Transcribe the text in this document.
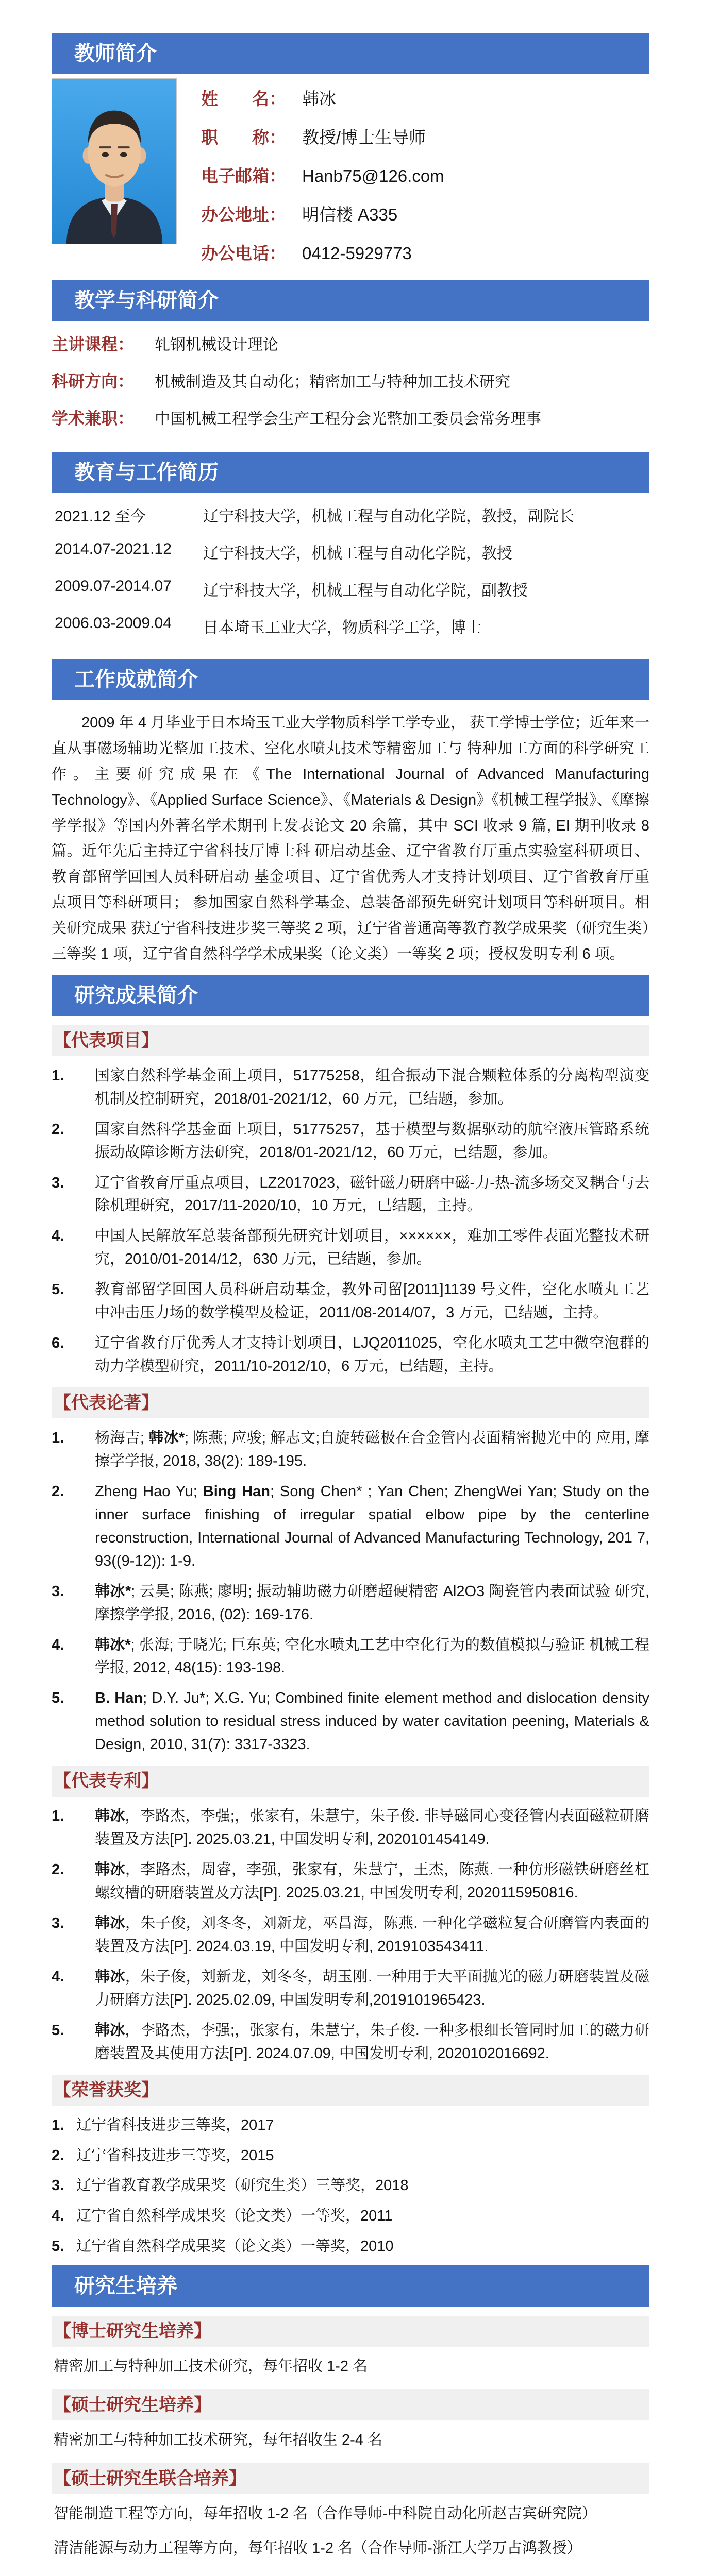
教师简介
姓　　名： 韩冰
职　　称： 教授/博士生导师
电子邮箱： Hanb75@126.com
办公地址： 明信楼 A335
办公电话： 0412-5929773
教学与科研简介
主讲课程：	轧钢机械设计理论
科研方向：	机械制造及其自动化；精密加工与特种加工技术研究
学术兼职：	中国机械工程学会生产工程分会光整加工委员会常务理事
教育与工作简历
2021.12 至今	辽宁科技大学，机械工程与自动化学院，教授，副院长
2014.07-2021.12	辽宁科技大学，机械工程与自动化学院，教授
2009.07-2014.07	辽宁科技大学，机械工程与自动化学院，副教授
2006.03-2009.04	日本埼玉工业大学，物质科学工学，博士
工作成就简介

2009 年 4 月毕业于日本埼玉工业大学物质科学工学专业， 获工学博士学位；近年来一直从事磁场辅助光整加工技术、空化水喷丸技术等精密加工与 特种加工方面的科学研究工作。主要研究成果在《The International Journal of Advanced Manufacturing Technology》、《Applied Surface Science》、《Materials & Design》《机械工程学报》、《摩擦学学报》等国内外著名学术期刊上发表论文 20 余篇，其中 SCI 收录 9 篇, EI 期刊收录 8 篇。近年先后主持辽宁省科技厅博士科 研启动基金、辽宁省教育厅重点实验室科研项目、教育部留学回国人员科研启动 基金项目、辽宁省优秀人才支持计划项目、辽宁省教育厅重点项目等科研项目； 参加国家自然科学基金、总装备部预先研究计划项目等科研项目。相关研究成果 获辽宁省科技进步奖三等奖 2 项，辽宁省普通高等教育教学成果奖（研究生类）三等奖 1 项，辽宁省自然科学学术成果奖（论文类）一等奖 2 项；授权发明专利 6 项。

研究成果简介
【代表项目】
1.	国家自然科学基金面上项目，51775258，组合振动下混合颗粒体系的分离构型演变机制及控制研究，2018/01-2021/12，60 万元，已结题，参加。
2.	国家自然科学基金面上项目，51775257，基于模型与数据驱动的航空液压管路系统振动故障诊断方法研究，2018/01-2021/12，60 万元，已结题，参加。
3.	辽宁省教育厅重点项目，LZ2017023，磁针磁力研磨中磁-力-热-流多场交叉耦合与去除机理研究，2017/11-2020/10，10 万元，已结题，主持。
4.	中国人民解放军总装备部预先研究计划项目，××××××，难加工零件表面光整技术研究，2010/01-2014/12，630 万元，已结题，参加。
5.	教育部留学回国人员科研启动基金，教外司留[2011]1139 号文件，空化水喷丸工艺中冲击压力场的数学模型及检证，2011/08-2014/07，3 万元，已结题，主持。
6.	辽宁省教育厅优秀人才支持计划项目，LJQ2011025，空化水喷丸工艺中微空泡群的动力学模型研究，2011/10-2012/10，6 万元，已结题，主持。
【代表论著】
1.	杨海吉; 韩冰*; 陈燕; 应骏; 解志文;自旋转磁极在合金管内表面精密抛光中的 应用, 摩擦学学报, 2018, 38(2): 189-195.
2.	Zheng Hao Yu; Bing Han; Song Chen* ; Yan Chen; ZhengWei Yan; Study on the inner surface finishing of irregular spatial elbow pipe by the centerline reconstruction, International Journal of Advanced Manufacturing Technology, 201 7, 93((9-12)): 1-9.
3.	韩冰*; 云昊; 陈燕; 廖明; 振动辅助磁力研磨超硬精密 Al2O3 陶瓷管内表面试验 研究, 摩擦学学报, 2016, (02): 169-176.
4.	韩冰*; 张海; 于晓光; 巨东英; 空化水喷丸工艺中空化行为的数值模拟与验证 机械工程学报, 2012, 48(15): 193-198.
5.	B. Han; D.Y. Ju*; X.G. Yu; Combined finite element method and dislocation density method solution to residual stress induced by water cavitation peening, Materials & Design, 2010, 31(7): 3317-3323.
【代表专利】
1.	韩冰，李路杰，李强;，张家有，朱慧宁，朱子俊. 非导磁同心变径管内表面磁粒研磨装置及方法[P]. 2025.03.21, 中国发明专利, 2020101454149.
2.	韩冰，李路杰，周睿，李强，张家有，朱慧宁，王杰，陈燕. 一种仿形磁铁研磨丝杠螺纹槽的研磨装置及方法[P]. 2025.03.21, 中国发明专利, 2020115950816.
3.	韩冰，朱子俊，刘冬冬，刘新龙，巫昌海，陈燕. 一种化学磁粒复合研磨管内表面的装置及方法[P]. 2024.03.19, 中国发明专利, 2019103543411.
4.	韩冰，朱子俊，刘新龙，刘冬冬，胡玉刚. 一种用于大平面抛光的磁力研磨装置及磁力研磨方法[P]. 2025.02.09, 中国发明专利,2019101965423.
5.	韩冰，李路杰，李强;，张家有，朱慧宁，朱子俊. 一种多根细长管同时加工的磁力研磨装置及其使用方法[P]. 2024.07.09, 中国发明专利, 2020102016692.
【荣誉获奖】
1. 辽宁省科技进步三等奖，2017
2. 辽宁省科技进步三等奖，2015
3. 辽宁省教育教学成果奖（研究生类）三等奖，2018
4. 辽宁省自然科学成果奖（论文类）一等奖，2011
5. 辽宁省自然科学成果奖（论文类）一等奖，2010
研究生培养
【博士研究生培养】
精密加工与特种加工技术研究，每年招收 1-2 名
【硕士研究生培养】
精密加工与特种加工技术研究，每年招收生 2-4 名
【硕士研究生联合培养】
智能制造工程等方向，每年招收 1-2 名（合作导师-中科院自动化所赵吉宾研究院）
清洁能源与动力工程等方向，每年招收 1-2 名（合作导师-浙江大学万占鸿教授）
